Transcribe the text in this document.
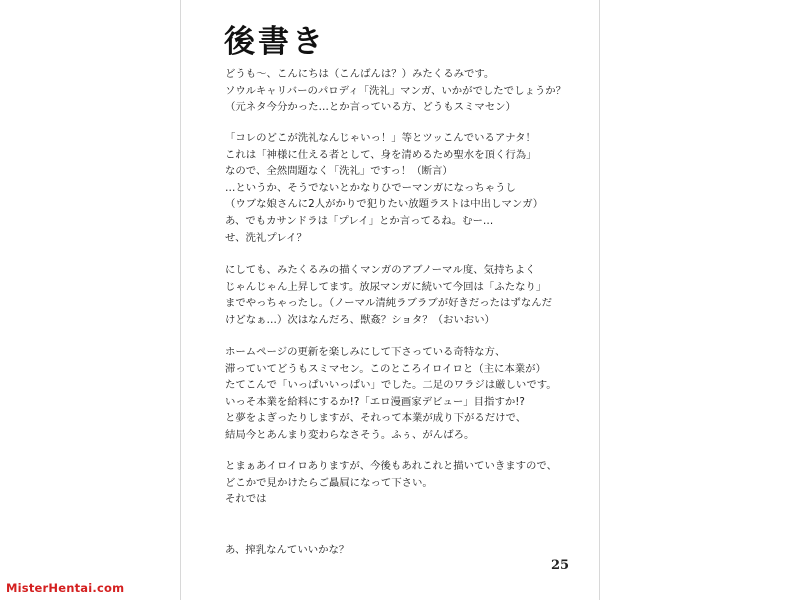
後書き
どうも～、こんにちは（こんばんは？）みたくるみです。
ソウルキャリバーのパロディ「洗礼」マンガ、いかがでしたでしょうか？
（元ネタ今分かった…とか言っている方、どうもスミマセン）
「コレのどこが洗礼なんじゃいっ！」等とツッこんでいるアナタ！
これは「神様に仕える者として、身を清めるため聖水を頂く行為」
なので、全然問題なく「洗礼」ですっ！（断言）
…というか、そうでないとかなりひでーマンガになっちゃうし
（ウブな娘さんに2人がかりで犯りたい放題ラストは中出しマンガ）
あ、でもカサンドラは「プレイ」とか言ってるね。むー…
せ、洗礼プレイ？
にしても、みたくるみの描くマンガのアブノーマル度、気持ちよく
じゃんじゃん上昇してます。放尿マンガに続いて今回は「ふたなり」
までやっちゃったし。（ノーマル清純ラブラブが好きだったはずなんだ
けどなぁ…）次はなんだろ、獣姦？ショタ？（おいおい）
ホームページの更新を楽しみにして下さっている奇特な方、
滞っていてどうもスミマセン。このところイロイロと（主に本業が）
たてこんで「いっぱいいっぱい」でした。二足のワラジは厳しいです。
いっそ本業を給料にするか!?「エロ漫画家デビュー」目指すか!?
と夢をよぎったりしますが、それって本業が成り下がるだけで、
結局今とあんまり変わらなさそう。ふぅ、がんばろ。
とまぁあイロイロありますが、今後もあれこれと描いていきますので、
どこかで見かけたらご贔屓になって下さい。
それでは
あ、搾乳なんていいかな？
25
MisterHentai.com
